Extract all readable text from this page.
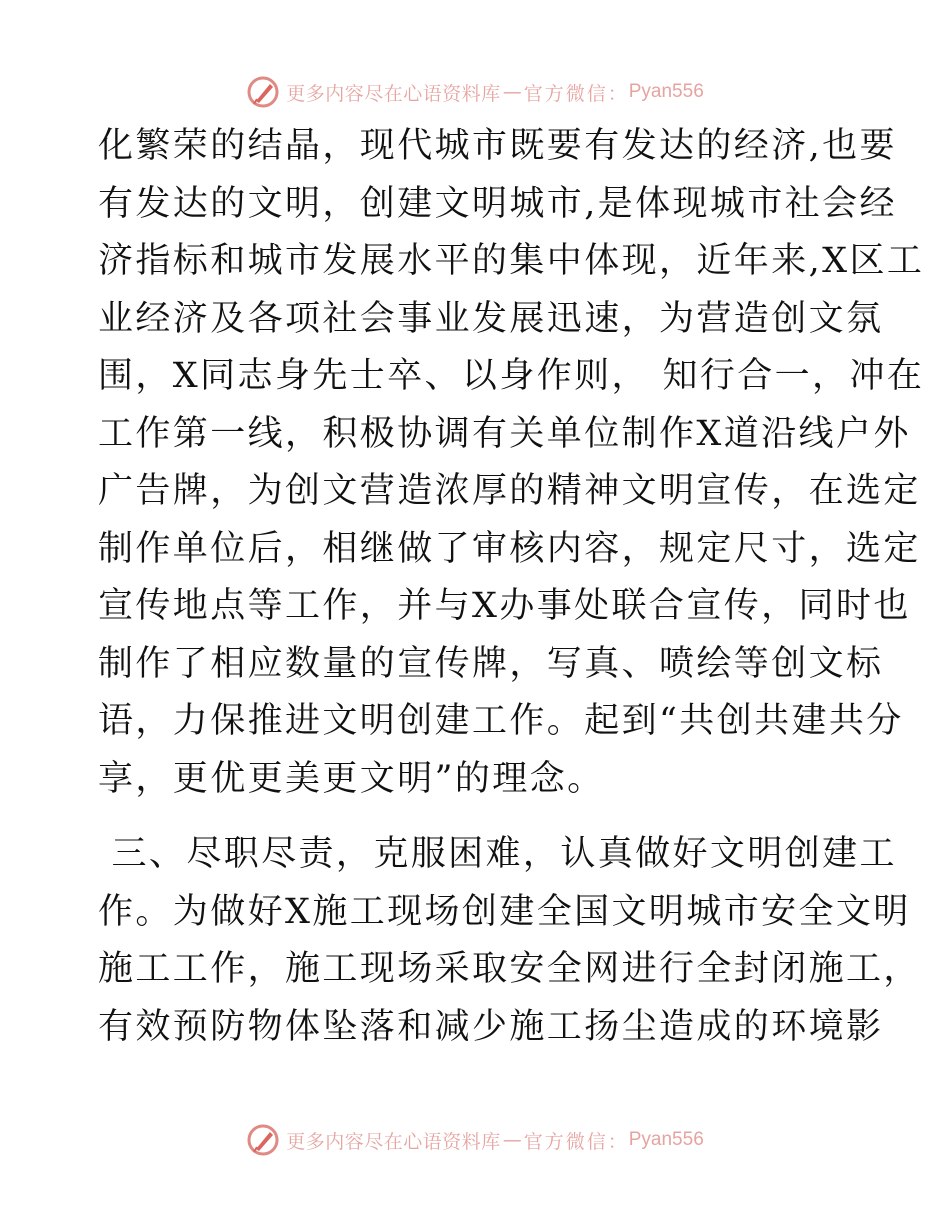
更多内容尽在心语资料库 — 官方微信： Pyan556
化繁荣的结晶，现代城市既要有发达的经济,也要
有发达的文明，创建文明城市,是体现城市社会经
济指标和城市发展水平的集中体现，近年来,X区工
业经济及各项社会事业发展迅速，为营造创文氛
围，X同志身先士卒、以身作则， 知行合一，冲在
工作第一线，积极协调有关单位制作X道沿线户外
广告牌，为创文营造浓厚的精神文明宣传，在选定
制作单位后，相继做了审核内容，规定尺寸，选定
宣传地点等工作，并与X办事处联合宣传，同时也
制作了相应数量的宣传牌，写真、喷绘等创文标
语，力保推进文明创建工作。起到“共创共建共分
享，更优更美更文明”的理念。
三、尽职尽责，克服困难，认真做好文明创建工
作。为做好X施工现场创建全国文明城市安全文明
施工工作，施工现场采取安全网进行全封闭施工，
有效预防物体坠落和减少施工扬尘造成的环境影
更多内容尽在心语资料库 — 官方微信： Pyan556
